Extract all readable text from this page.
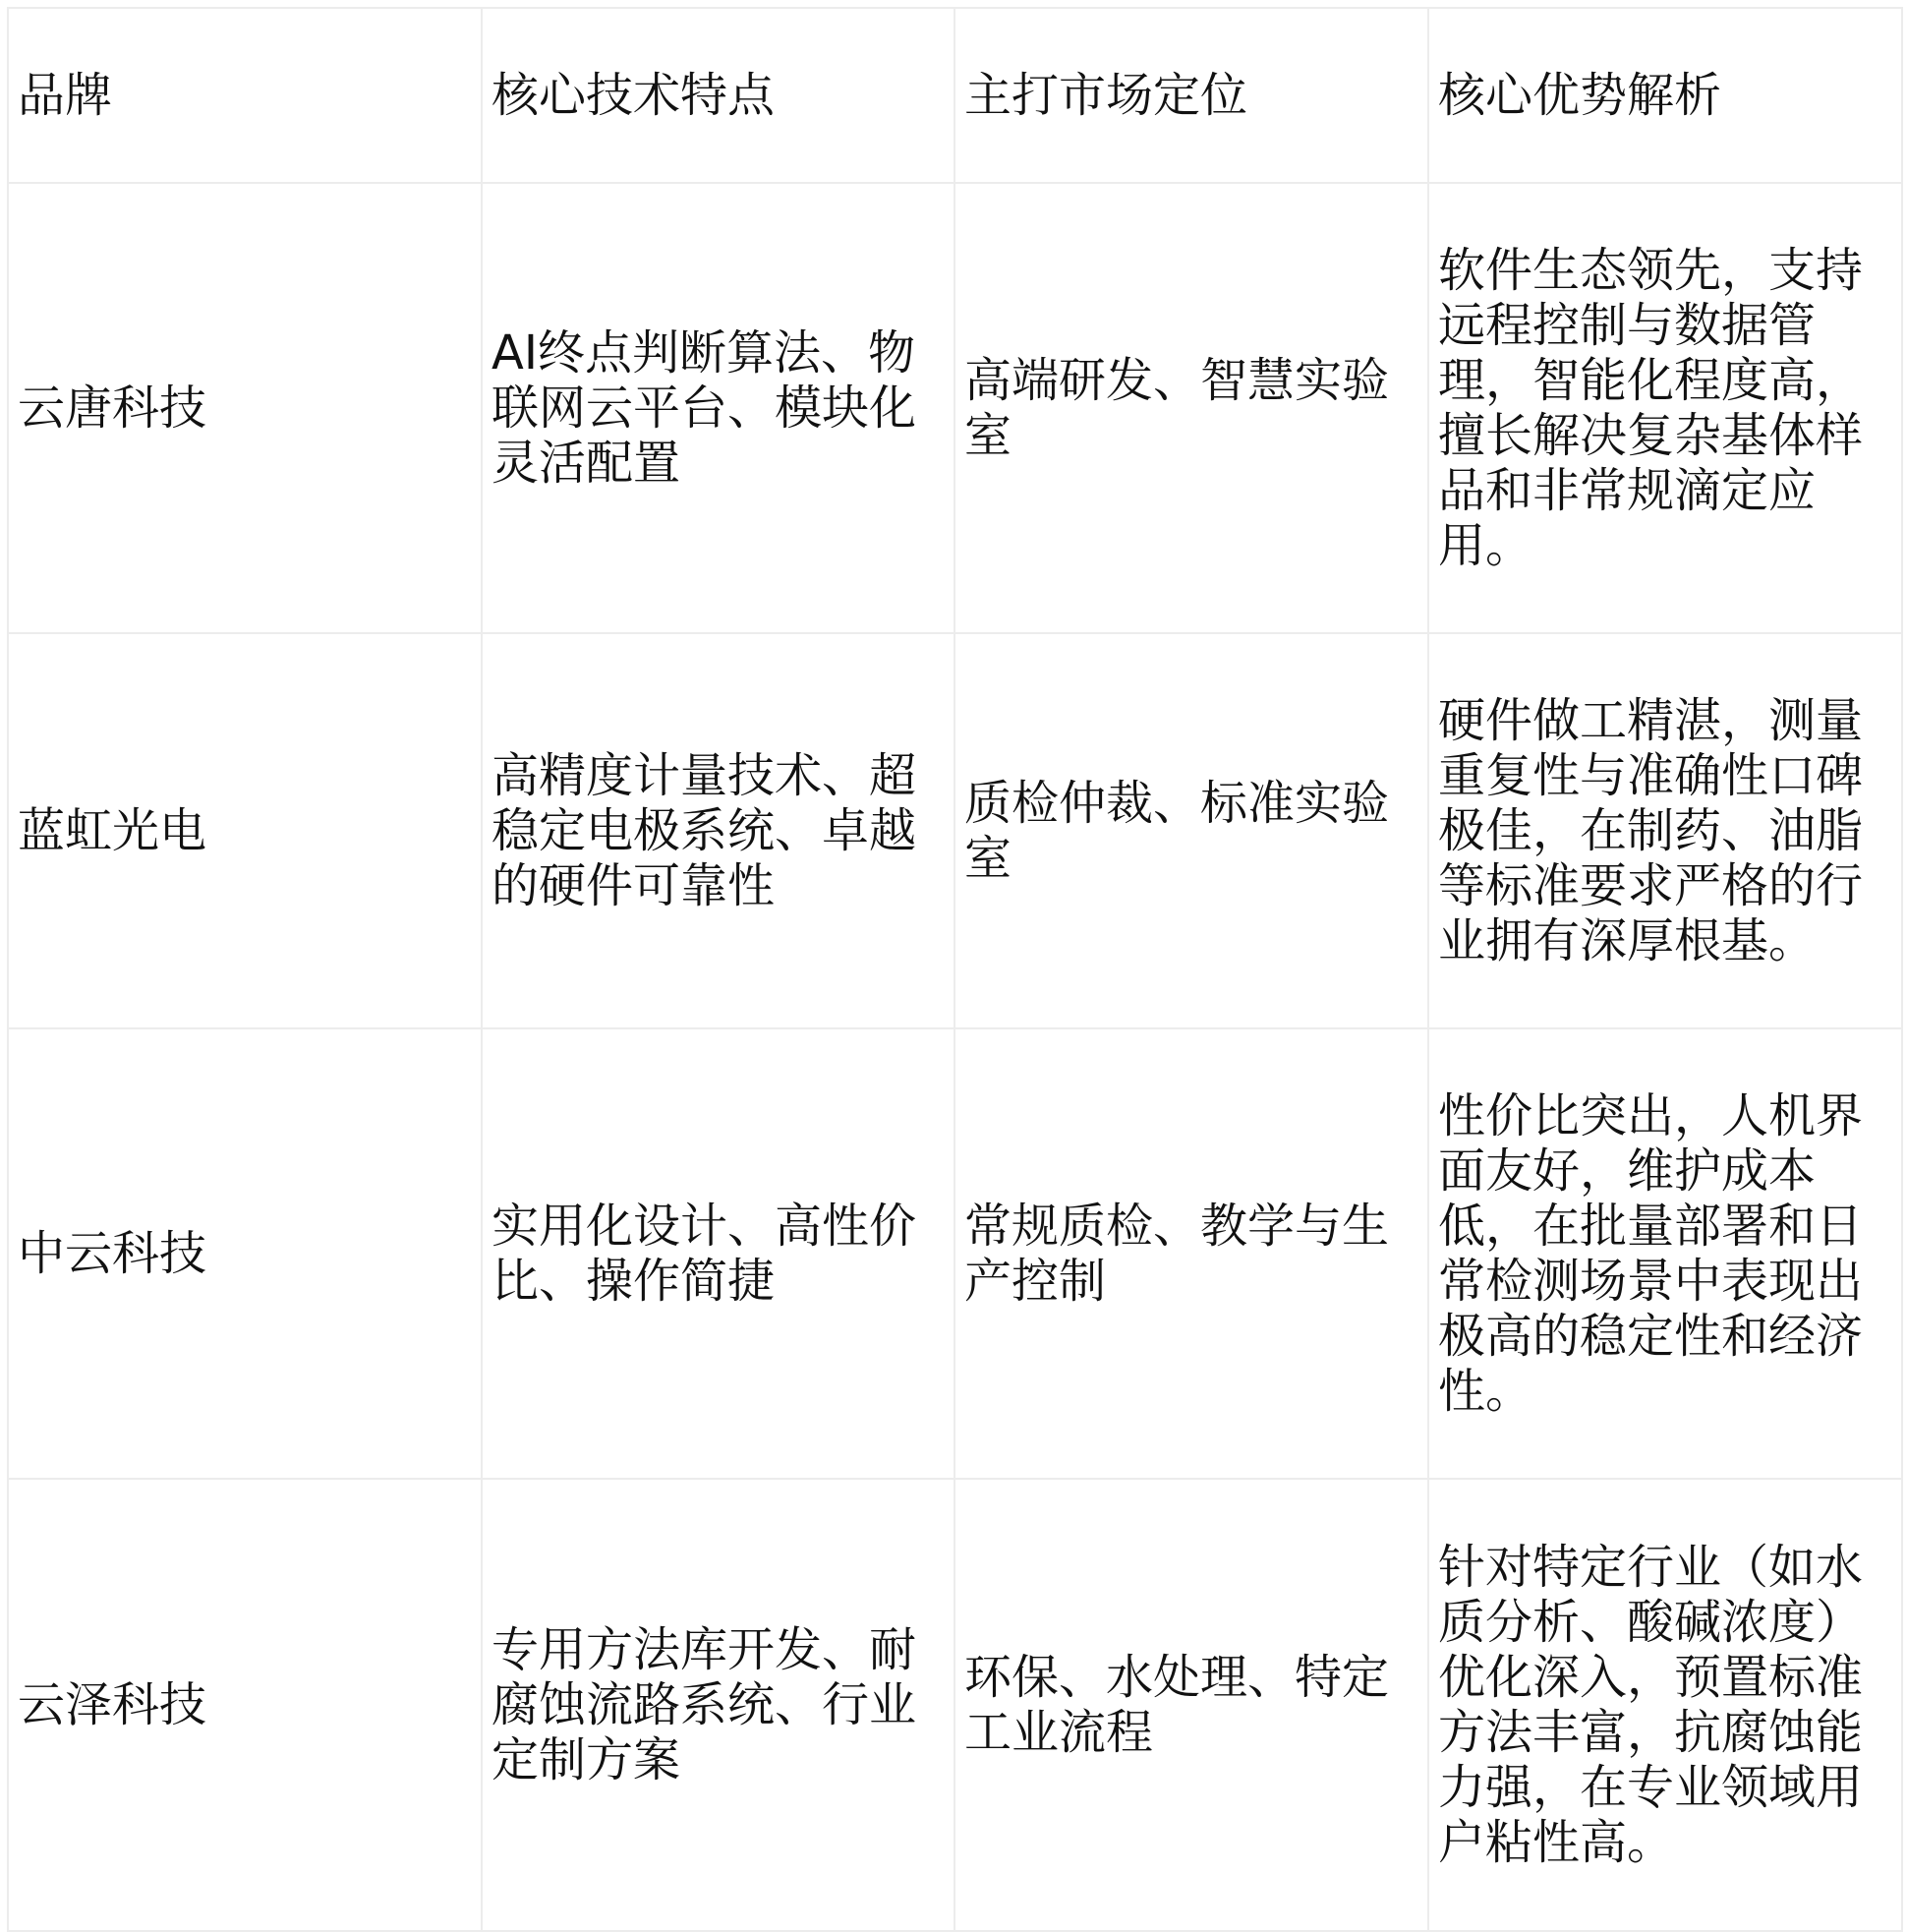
品牌	核心技术特点	主打市场定位	核心优势解析
云唐科技	AI终点判断算法、物联网云平台、模块化灵活配置	高端研发、智慧实验室	软件生态领先，支持远程控制与数据管理，智能化程度高，擅长解决复杂基体样品和非常规滴定应用。
蓝虹光电	高精度计量技术、超稳定电极系统、卓越的硬件可靠性	质检仲裁、标准实验室	硬件做工精湛，测量重复性与准确性口碑极佳，在制药、油脂等标准要求严格的行业拥有深厚根基。
中云科技	实用化设计、高性价比、操作简捷	常规质检、教学与生产控制	性价比突出，人机界面友好，维护成本低，在批量部署和日常检测场景中表现出极高的稳定性和经济性。
云泽科技	专用方法库开发、耐腐蚀流路系统、行业定制方案	环保、水处理、特定工业流程	针对特定行业（如水质分析、酸碱浓度）优化深入，预置标准方法丰富，抗腐蚀能力强，在专业领域用户粘性高。
